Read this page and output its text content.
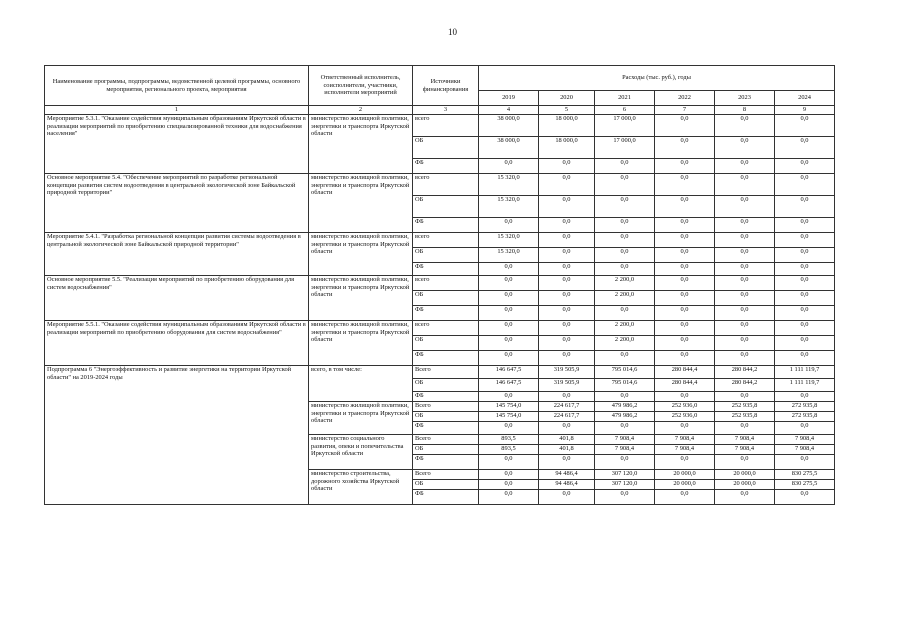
10
Наименование программы, подпрограммы, ведомственной целевой программы, основного мероприятия, регионального проекта, мероприятия	Ответственный исполнитель, соисполнители, участники, исполнители мероприятий	Источники финансирования	Расходы (тыс. руб.), годы					
			2019	2020	2021	2022	2023	2024
1	2	3	4	5	6	7	8	9
Мероприятие 5.3.1. "Оказание содействия муниципальным образованиям Иркутской области в реализации мероприятий по приобретению специализированной техники для водоснабжения населения"	министерство жилищной политики, энергетики и транспорта Иркутской области	всего	38 000,0	18 000,0	17 000,0	0,0	0,0	0,0
		ОБ	38 000,0	18 000,0	17 000,0	0,0	0,0	0,0
		ФБ	0,0	0,0	0,0	0,0	0,0	0,0
Основное мероприятие 5.4. "Обеспечение мероприятий по разработке региональной концепции развития систем водоотведения в центральной экологической зоне Байкальской природной территории"	министерство жилищной политики, энергетики и транспорта Иркутской области	всего	15 320,0	0,0	0,0	0,0	0,0	0,0
		ОБ	15 320,0	0,0	0,0	0,0	0,0	0,0
		ФБ	0,0	0,0	0,0	0,0	0,0	0,0
Мероприятие 5.4.1. "Разработка региональной концепции развития системы водоотведения в центральной экологической зоне Байкальской природной территории"	министерство жилищной политики, энергетики и транспорта Иркутской области	всего	15 320,0	0,0	0,0	0,0	0,0	0,0
		ОБ	15 320,0	0,0	0,0	0,0	0,0	0,0
		ФБ	0,0	0,0	0,0	0,0	0,0	0,0
Основное мероприятие 5.5. "Реализация мероприятий по приобретению оборудования для систем водоснабжения"	министерство жилищной политики, энергетики и транспорта Иркутской области	всего	0,0	0,0	2 200,0	0,0	0,0	0,0
		ОБ	0,0	0,0	2 200,0	0,0	0,0	0,0
		ФБ	0,0	0,0	0,0	0,0	0,0	0,0
Мероприятие 5.5.1. "Оказание содействия муниципальным образованиям Иркутской области в реализации мероприятий по приобретению оборудования для систем водоснабжения"	министерство жилищной политики, энергетики и транспорта Иркутской области	всего	0,0	0,0	2 200,0	0,0	0,0	0,0
		ОБ	0,0	0,0	2 200,0	0,0	0,0	0,0
		ФБ	0,0	0,0	0,0	0,0	0,0	0,0
Подпрограмма 6 "Энергоэффективность и развитие энергетики на территории Иркутской области" на 2019-2024 годы	всего, в том числе:	Всего	146 647,5	319 505,9	795 014,6	280 844,4	280 844,2	1 111 119,7
		ОБ	146 647,5	319 505,9	795 014,6	280 844,4	280 844,2	1 111 119,7
		ФБ	0,0	0,0	0,0	0,0	0,0	0,0
	министерство жилищной политики, энергетики и транспорта Иркутской области	Всего	145 754,0	224 617,7	479 986,2	252 936,0	252 935,8	272 935,8
		ОБ	145 754,0	224 617,7	479 986,2	252 936,0	252 935,8	272 935,8
		ФБ	0,0	0,0	0,0	0,0	0,0	0,0
	министерство социального развития, опеки и попечительства Иркутской области	Всего	893,5	401,8	7 908,4	7 908,4	7 908,4	7 908,4
		ОБ	893,5	401,8	7 908,4	7 908,4	7 908,4	7 908,4
		ФБ	0,0	0,0	0,0	0,0	0,0	0,0
	министерство строительства, дорожного хозяйства Иркутской области	Всего	0,0	94 486,4	307 120,0	20 000,0	20 000,0	830 275,5
		ОБ	0,0	94 486,4	307 120,0	20 000,0	20 000,0	830 275,5
		ФБ	0,0	0,0	0,0	0,0	0,0	0,0
